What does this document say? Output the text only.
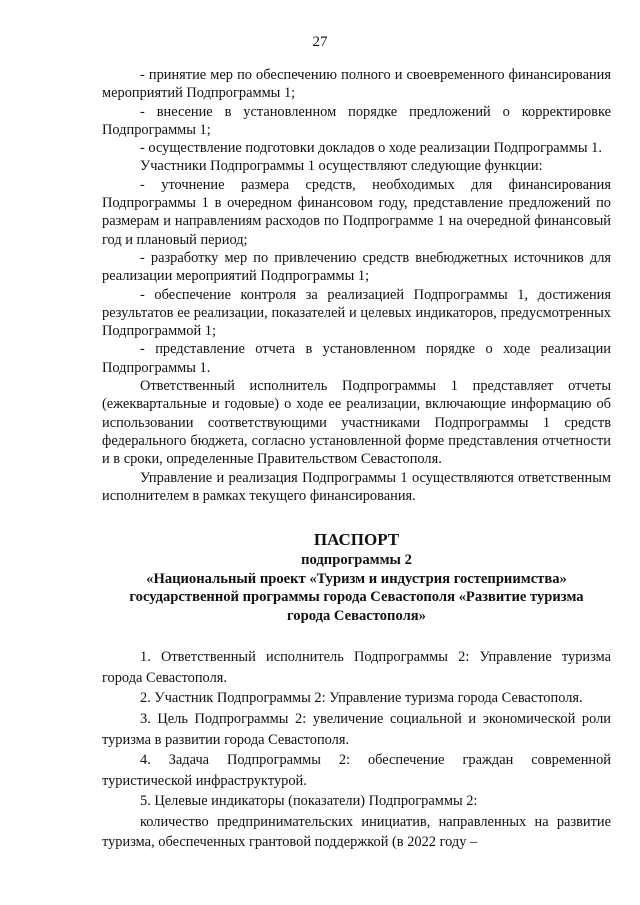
27

- принятие мер по обеспечению полного и своевременного финансирования мероприятий Подпрограммы 1;

- внесение в установленном порядке предложений о корректировке Подпрограммы 1;

- осуществление подготовки докладов о ходе реализации Подпрограммы 1.

Участники Подпрограммы 1 осуществляют следующие функции:

- уточнение размера средств, необходимых для финансирования Подпрограммы 1 в очередном финансовом году, представление предложений по размерам и направлениям расходов по Подпрограмме 1 на очередной финансовый год и плановый период;

- разработку мер по привлечению средств внебюджетных источников для реализации мероприятий Подпрограммы 1;

- обеспечение контроля за реализацией Подпрограммы 1, достижения результатов ее реализации, показателей и целевых индикаторов, предусмотренных Подпрограммой 1;

- представление отчета в установленном порядке о ходе реализации Подпрограммы 1.

Ответственный исполнитель Подпрограммы 1 представляет отчеты (ежеквартальные и годовые) о ходе ее реализации, включающие информацию об использовании соответствующими участниками Подпрограммы 1 средств федерального бюджета, согласно установленной форме представления отчетности и в сроки, определенные Правительством Севастополя.

Управление и реализация Подпрограммы 1 осуществляются ответственным исполнителем в рамках текущего финансирования.

ПАСПОРТ
подпрограммы 2
«Национальный проект «Туризм и индустрия гостеприимства»
государственной программы города Севастополя «Развитие туризма
города Севастополя»

1. Ответственный исполнитель Подпрограммы 2: Управление туризма города Севастополя.

2. Участник Подпрограммы 2: Управление туризма города Севастополя.

3. Цель Подпрограммы 2: увеличение социальной и экономической роли туризма в развитии города Севастополя.

4. Задача Подпрограммы 2: обеспечение граждан современной туристической инфраструктурой.

5. Целевые индикаторы (показатели) Подпрограммы 2:

количество предпринимательских инициатив, направленных на развитие туризма, обеспеченных грантовой поддержкой (в 2022 году –
